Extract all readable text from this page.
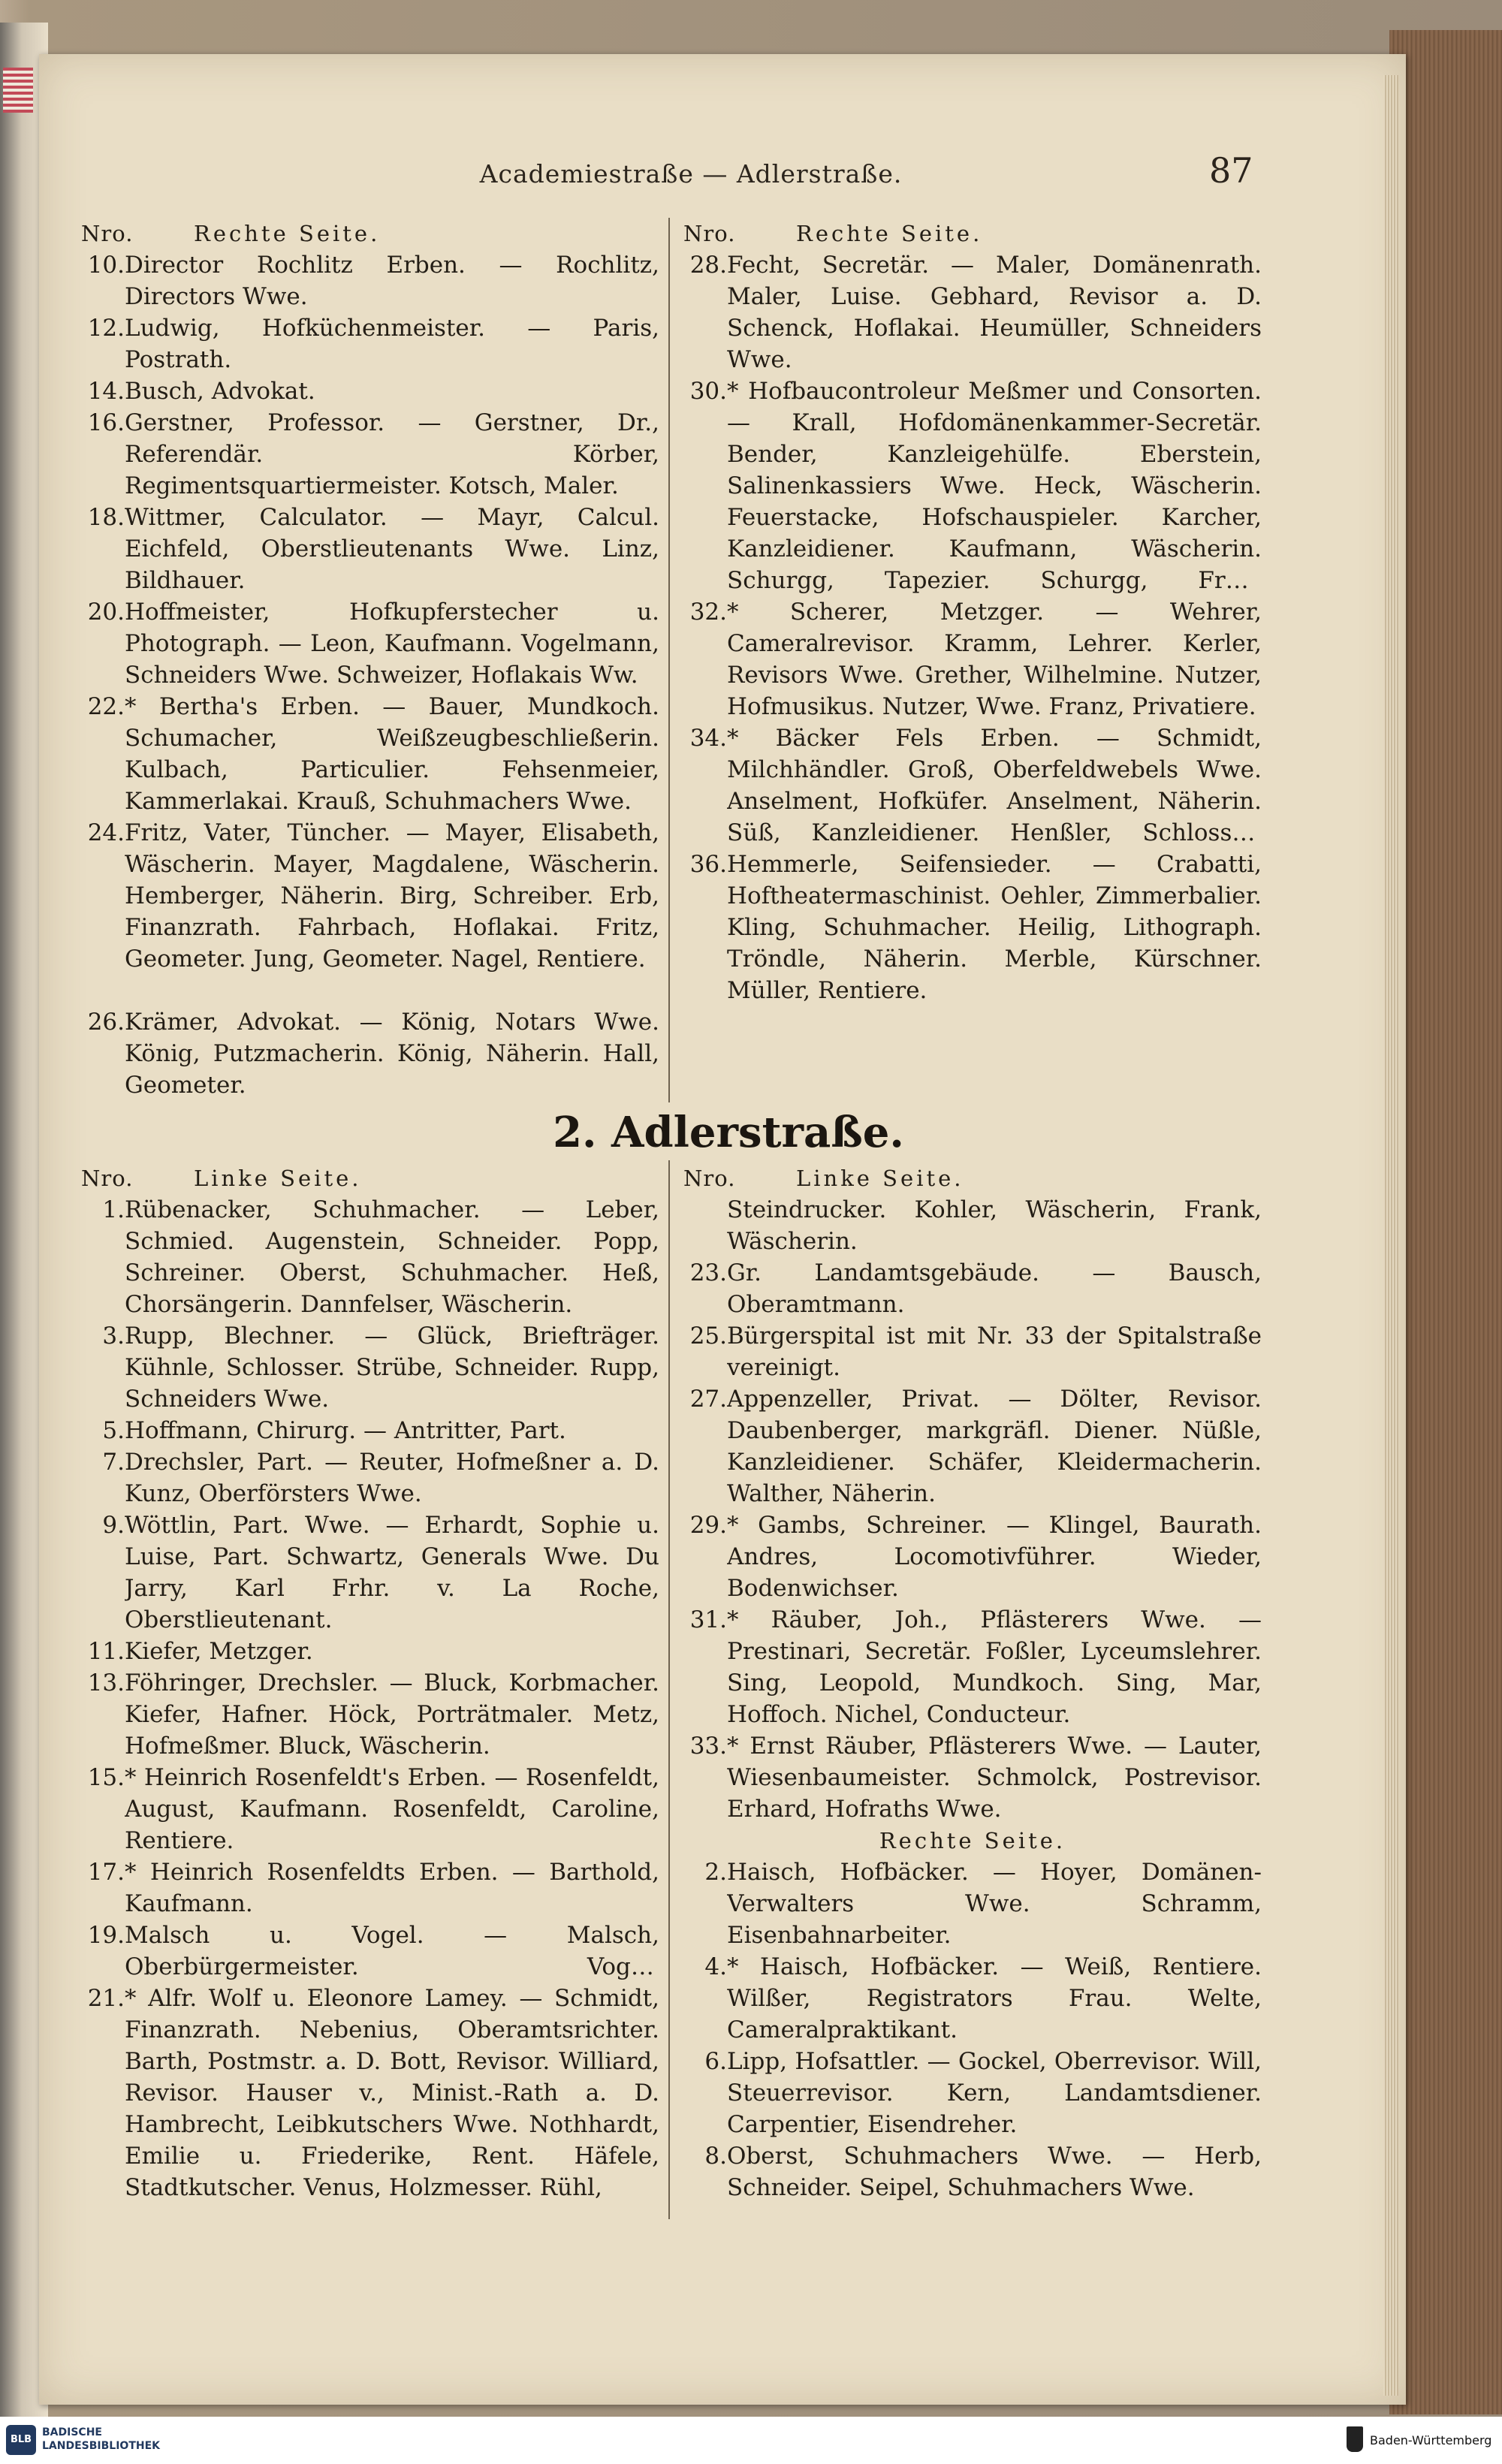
Academiestraße — Adlerstraße.	87
Nro.	Rechte Seite.
10. Director Rochlitz Erben. — Rochlitz, Directors Wwe.
12. Ludwig, Hofküchenmeister. — Paris, Postrath.
14. Busch, Advokat.
16. Gerstner, Professor. — Gerstner, Dr., Referendär. Körber, Regimentsquartiermeister. Kotsch, Maler.
18. Wittmer, Calculator. — Mayr, Calcul. Eichfeld, Oberstlieutenants Wwe. Linz, Bildhauer.
20. Hoffmeister, Hofkupferstecher u. Photograph. — Leon, Kaufmann. Vogelmann, Schneiders Wwe. Schweizer, Hoflakais Ww.
22. * Bertha's Erben. — Bauer, Mundkoch. Schumacher, Weißzeugbeschließerin. Kulbach, Particulier. Fehsenmeier, Kammerlakai. Krauß, Schuhmachers Wwe.
24. Fritz, Vater, Tüncher. — Mayer, Elisabeth, Wäscherin. Mayer, Magdalene, Wäscherin. Hemberger, Näherin. Birg, Schreiber. Erb, Finanzrath. Fahrbach, Hoflakai. Fritz, Geometer. Jung, Geometer. Nagel, Rentiere.
26. Krämer, Advokat. — König, Notars Wwe. König, Putzmacherin. König, Näherin. Hall, Geometer.
Nro.	Rechte Seite.
28. Fecht, Secretär. — Maler, Domänenrath. Maler, Luise. Gebhard, Revisor a. D. Schenck, Hoflakai. Heumüller, Schneiders Wwe.
30. * Hofbaucontroleur Meßmer und Consorten. — Krall, Hofdomänenkammer-Secretär. Bender, Kanzleigehülfe. Eberstein, Salinenkassiers Wwe. Heck, Wäscherin. Feuerstacke, Hofschauspieler. Karcher, Kanzleidiener. Kaufmann, Wäscherin. Schurgg, Tapezier. Schurgg, Frau,
32. * Scherer, Metzger. — Wehrer, Cameralrevisor. Kramm, Lehrer. Kerler, Revisors Wwe. Grether, Wilhelmine. Nutzer, Hofmusikus. Nutzer, Wwe. Franz, Privatiere.
34. * Bäcker Fels Erben. — Schmidt, Milchhändler. Groß, Oberfeldwebels Wwe. Anselment, Hofküfer. Anselment, Näherin. Süß, Kanzleidiener. Henßler, Schlosser.
36. Hemmerle, Seifensieder. — Crabatti, Hoftheatermaschinist. Oehler, Zimmerbalier. Kling, Schuhmacher. Heilig, Lithograph. Tröndle, Näherin. Merble, Kürschner. Müller, Rentiere.
2. Adlerstraße.
Nro.	Linke Seite.
1. Rübenacker, Schuhmacher. — Leber, Schmied. Augenstein, Schneider. Popp, Schreiner. Oberst, Schuhmacher. Heß, Chorsängerin. Dannfelser, Wäscherin.
3. Rupp, Blechner. — Glück, Briefträger. Kühnle, Schlosser. Strübe, Schneider. Rupp, Schneiders Wwe.
5. Hoffmann, Chirurg. — Antritter, Part.
7. Drechsler, Part. — Reuter, Hofmeßner a. D. Kunz, Oberförsters Wwe.
9. Wöttlin, Part. Wwe. — Erhardt, Sophie u. Luise, Part. Schwartz, Generals Wwe. Du Jarry, Karl Frhr. v. La Roche, Oberstlieutenant.
11. Kiefer, Metzger.
13. Föhringer, Drechsler. — Bluck, Korbmacher. Kiefer, Hafner. Höck, Porträtmaler. Metz, Hofmeßmer. Bluck, Wäscherin.
15. * Heinrich Rosenfeldt's Erben. — Rosenfeldt, August, Kaufmann. Rosenfeldt, Caroline, Rentiere.
17. * Heinrich Rosenfeldts Erben. — Barthold, Kaufmann.
19. Malsch u. Vogel. — Malsch, Oberbürgermeister. Vogel,
21. * Alfr. Wolf u. Eleonore Lamey. — Schmidt, Finanzrath. Nebenius, Oberamtsrichter. Barth, Postmstr. a. D. Bott, Revisor. Williard, Revisor. Hauser v., Minist.-Rath a. D. Hambrecht, Leibkutschers Wwe. Nothhardt, Emilie u. Friederike, Rent. Häfele, Stadtkutscher. Venus, Holzmesser. Rühl,
Nro.	Linke Seite.
Steindrucker. Kohler, Wäscherin, Frank, Wäscherin.
23. Gr. Landamtsgebäude. — Bausch, Oberamtmann.
25. Bürgerspital ist mit Nr. 33 der Spitalstraße vereinigt.
27. Appenzeller, Privat. — Dölter, Revisor. Daubenberger, markgräfl. Diener. Nüßle, Kanzleidiener. Schäfer, Kleidermacherin. Walther, Näherin.
29. * Gambs, Schreiner. — Klingel, Baurath. Andres, Locomotivführer. Wieder, Bodenwichser.
31. * Räuber, Joh., Pflästerers Wwe. — Prestinari, Secretär. Foßler, Lyceumslehrer. Sing, Leopold, Mundkoch. Sing, Mar, Hoffoch. Nichel, Conducteur.
33. * Ernst Räuber, Pflästerers Wwe. — Lauter, Wiesenbaumeister. Schmolck, Postrevisor. Erhard, Hofraths Wwe.
Rechte Seite.
2. Haisch, Hofbäcker. — Hoyer, Domänen-Verwalters Wwe. Schramm, Eisenbahnarbeiter.
4. * Haisch, Hofbäcker. — Weiß, Rentiere. Wilßer, Registrators Frau. Welte, Cameralpraktikant.
6. Lipp, Hofsattler. — Gockel, Oberrevisor. Will, Steuerrevisor. Kern, Landamtsdiener. Carpentier, Eisendreher.
8. Oberst, Schuhmachers Wwe. — Herb, Schneider. Seipel, Schuhmachers Wwe.
BLB
BADISCHE
LANDESBIBLIOTHEK	Baden-Württemberg
